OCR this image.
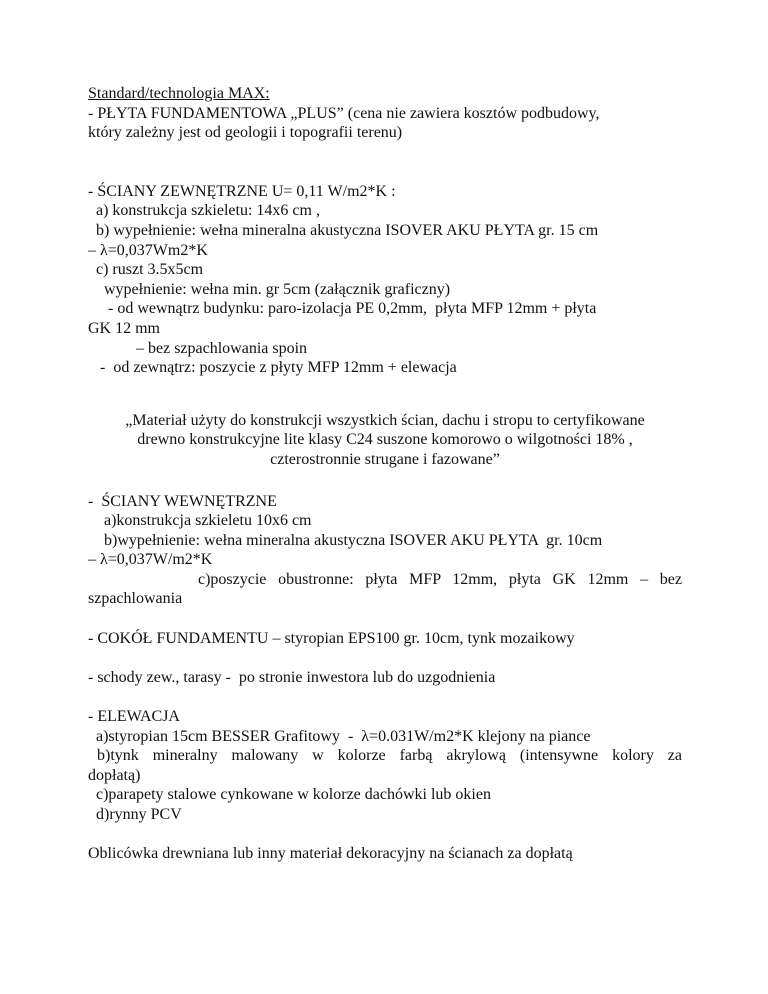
Standard/technologia MAX:
- PŁYTA FUNDAMENTOWA „PLUS” (cena nie zawiera kosztów podbudowy,
który zależny jest od geologii i topografii terenu)
- ŚCIANY ZEWNĘTRZNE U= 0,11 W/m2*K :
a) konstrukcja szkieletu: 14x6 cm ,
b) wypełnienie: wełna mineralna akustyczna ISOVER AKU PŁYTA gr. 15 cm
– λ=0,037Wm2*K
c) ruszt 3.5x5cm
wypełnienie: wełna min. gr 5cm (załącznik graficzny)
- od wewnątrz budynku: paro-izolacja PE 0,2mm,  płyta MFP 12mm + płyta
GK 12 mm
– bez szpachlowania spoin
-  od zewnątrz: poszycie z płyty MFP 12mm + elewacja
„Materiał użyty do konstrukcji wszystkich ścian, dachu i stropu to certyfikowane drewno konstrukcyjne lite klasy C24 suszone komorowo o wilgotności 18% , czterostronnie strugane i fazowane”
-  ŚCIANY WEWNĘTRZNE
a)konstrukcja szkieletu 10x6 cm
b)wypełnienie: wełna mineralna akustyczna ISOVER AKU PŁYTA  gr. 10cm
– λ=0,037W/m2*K
c)poszycie obustronne: płyta MFP 12mm, płyta GK 12mm – bez
szpachlowania
- COKÓŁ FUNDAMENTU – styropian EPS100 gr. 10cm, tynk mozaikowy
- schody zew., tarasy -  po stronie inwestora lub do uzgodnienia
- ELEWACJA
a)styropian 15cm BESSER Grafitowy  -  λ=0.031W/m2*K klejony na piance
b)tynk mineralny malowany w kolorze farbą akrylową (intensywne kolory za
dopłatą)
c)parapety stalowe cynkowane w kolorze dachówki lub okien
d)rynny PCV
Oblicówka drewniana lub inny materiał dekoracyjny na ścianach za dopłatą
